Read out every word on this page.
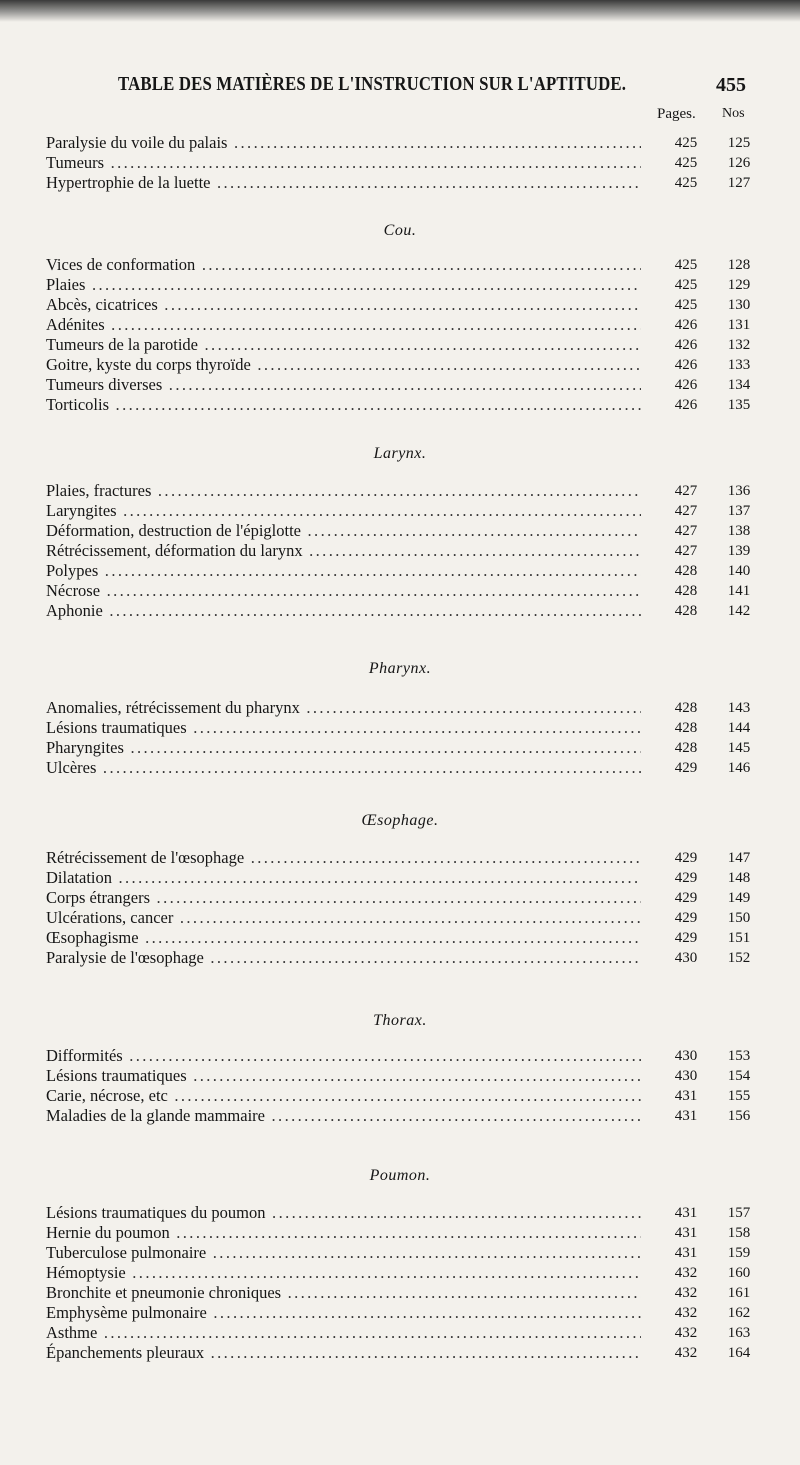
TABLE DES MATIÈRES DE L'INSTRUCTION SUR L'APTITUDE.	455
Pages. Nos
Paralysie du voile du palais .....	425	125
Tumeurs .....	425	126
Hypertrophie de la luette .....	425	127
Cou.
Vices de conformation .....	425	128
Plaies .....	425	129
Abcès, cicatrices .....	425	130
Adénites .....	426	131
Tumeurs de la parotide .....	426	132
Goitre, kyste du corps thyroïde .....	426	133
Tumeurs diverses .....	426	134
Torticolis .....	426	135
Larynx.
Plaies, fractures .....	427	136
Laryngites .....	427	137
Déformation, destruction de l'épiglotte .....	427	138
Rétrécissement, déformation du larynx .....	427	139
Polypes .....	428	140
Nécrose .....	428	141
Aphonie .....	428	142
Pharynx.
Anomalies, rétrécissement du pharynx .....	428	143
Lésions traumatiques .....	428	144
Pharyngites .....	428	145
Ulcères .....	429	146
Œsophage.
Rétrécissement de l'œsophage .....	429	147
Dilatation .....	429	148
Corps étrangers .....	429	149
Ulcérations, cancer .....	429	150
Œsophagisme .....	429	151
Paralysie de l'œsophage .....	430	152
Thorax.
Difformités .....	430	153
Lésions traumatiques .....	430	154
Carie, nécrose, etc .....	431	155
Maladies de la glande mammaire .....	431	156
Poumon.
Lésions traumatiques du poumon .....	431	157
Hernie du poumon .....	431	158
Tuberculose pulmonaire .....	431	159
Hémoptysie .....	432	160
Bronchite et pneumonie chroniques .....	432	161
Emphysème pulmonaire .....	432	162
Asthme .....	432	163
Épanchements pleuraux .....	432	164
